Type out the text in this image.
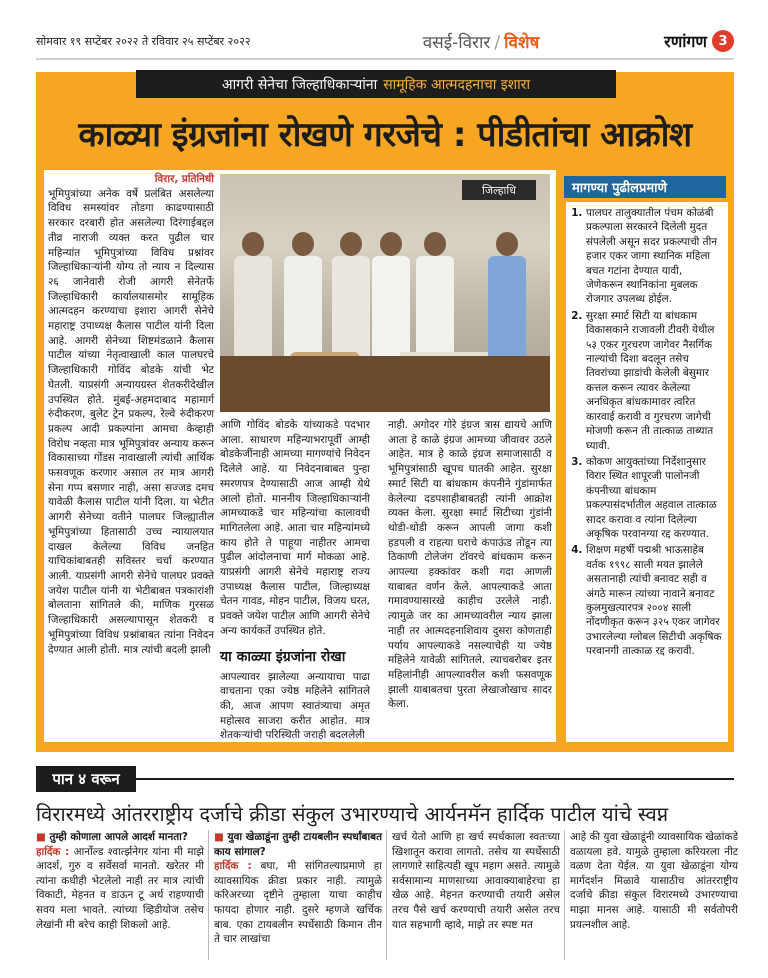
सोमवार १९ सप्टेंबर २०२२ ते रविवार २५ सप्टेंबर २०२२	वसई-विरार / विशेष	रणांगण 3
आगरी सेनेचा जिल्हाधिकाऱ्यांना सामूहिक आत्मदहनाचा इशारा
काळ्या इंग्रजांना रोखणे गरजेचे : पीडीतांचा आक्रोश
विरार, प्रतिनिधी
भूमिपुत्रांच्या अनेक वर्षे प्रलंबित असलेल्या विविध समस्यांवर तोडगा काढण्यासाठी सरकार दरबारी होत असलेल्या दिरंगाईबद्दल तीव्र नाराजी व्यक्त करत पुढील चार महिन्यांत भूमिपुत्रांच्या विविध प्रश्नांवर जिल्हाधिकाऱ्यांनी योग्य तो न्याय न दिल्यास २६ जानेवारी रोजी आगरी सेनेतर्फे जिल्हाधिकारी कार्यालयासमोर सामूहिक आत्मदहन करण्याचा इशारा आगरी सेनेचे महाराष्ट्र उपाध्यक्ष कैलास पाटील यांनी दिला आहे. आगरी सेनेच्या शिष्टमंडळाने कैलास पाटील यांच्या नेतृत्वाखाली काल पालघरचे जिल्हाधिकारी गोविंद बोडके यांची भेट घेतली. याप्रसंगी अन्यायग्रस्त शेतकरीदेखील उपस्थित होते. मुंबई-अहमदाबाद महामार्ग रुंदीकरण, बुलेट ट्रेन प्रकल्प, रेल्वे रुंदीकरण प्रकल्प आदी प्रकल्पांना आमचा केव्हाही विरोध नव्हता मात्र भूमिपुत्रांवर अन्याय करून विकासाच्या गोंडस नावाखाली त्यांची आर्थिक फसवणूक करणार असाल तर मात्र आगरी सेना गप्प बसणार नाही, असा सज्जड दमच यावेळी कैलास पाटील यांनी दिला. या भेटीत आगरी सेनेच्या वतीने पालघर जिल्ह्यातील भूमिपुत्रांच्या हितासाठी उच्च न्यायालयात दाखल केलेल्या विविध जनहित याचिकांबाबतही सविस्तर चर्चा करण्यात आली. याप्रसंगी आगरी सेनेचे पालघर प्रवक्ते जयेश पाटील यांनी या भेटीबाबत पत्रकारांशी बोलताना सांगितले की, माणिक गुरसळ जिल्हाधिकारी असल्यापासून शेतकरी व भूमिपुत्रांच्या विविध प्रश्नांबाबत त्यांना निवेदन देण्यात आली होती. मात्र त्यांची बदली झाली
जिल्हाधि
आणि गोविंद बोडके यांच्याकडे पदभार आला. साधारण महिन्याभरापूर्वी आम्ही बोडकेजींनाही आमच्या मागण्यांचे निवेदन दिलेले आहे. या निवेदनाबाबत पुन्हा स्मरणपत्र देण्यासाठी आज आम्ही येथे आलो होतो. माननीय जिल्हाधिकाऱ्यांनी आमच्याकडे चार महिन्यांचा कालावधी मागितलेला आहे. आता चार महिन्यांमध्ये काय होते ते पाहूया नाहीतर आमचा पुढील आंदोलनाचा मार्ग मोकळा आहे. याप्रसंगी आगरी सेनेचे महाराष्ट्र राज्य उपाध्यक्ष कैलास पाटील, जिल्हाध्यक्ष चेतन गावड, मोहन पाटील, विजय घरत, प्रवक्ते जयेश पाटील आणि आगरी सेनेचे अन्य कार्यकर्ते उपस्थित होते.
या काळ्या इंग्रजांना रोखा
आपल्यावर झालेल्या अन्यायाचा पाढा वाचताना एका ज्येष्ठ महिलेने सांगितले की, आज आपण स्वातंत्र्याचा अमृत महोत्सव साजरा करीत आहोत. मात्र शेतकऱ्यांची परिस्थिती जराही बदललेली
नाही. अगोदर गोरे इंग्रज त्रास द्यायचे आणि आता हे काळे इंग्रज आमच्या जीवावर उठले आहेत. मात्र हे काळे इंग्रज समाजासाठी व भूमिपुत्रांसाठी खूपच घातकी आहेत. सुरक्षा स्मार्ट सिटी या बांधकाम कंपनीने गुंडांमार्फत केलेल्या दडपशाहीबाबतही त्यांनी आक्रोश व्यक्त केला. सुरक्षा स्मार्ट सिटीच्या गुंडांनी थोडी-थोडी करून आपली जागा कशी हडपली व राहत्या घराचे कंपाऊंड तोडून त्या ठिकाणी टोलेजंग टॉवरचे बांधकाम करून आपल्या हक्कांवर कशी गदा आणली याबाबत वर्णन केले. आपल्याकडे आता गमावण्यासारखे काहीच उरलेले नाही. त्यामुळे जर का आमच्यावरील न्याय झाला नाही तर आत्मदहनाशिवाय दुसरा कोणताही पर्याय आपल्याकडे नसल्याचेही या ज्येष्ठ महिलेने यावेळी सांगितले. त्याचबरोबर इतर महिलांनीही आपल्यावरील कशी फसवणूक झाली याबाबतचा पुरता लेखाजोखाच सादर केला.
मागण्या पुढीलप्रमाणे
1. पालघर तालुक्यातील पंचम कोळंबी प्रकल्पाला सरकारने दिलेली मुदत संपलेली असून सदर प्रकल्पाची तीन हजार एकर जागा स्थानिक महिला बचत गटांना देण्यात यावी, जेणेकरून स्थानिकांना मुबलक रोजगार उपलब्ध होईल.
2. सुरक्षा स्मार्ट सिटी या बांधकाम विकासकाने राजावली टीवरी येथील ५३ एकर गुरचरण जागेवर नैसर्गिक नाल्यांची दिशा बदलून तसेच तिवरांच्या झाडांची केलेली बेसुमार कत्तल करून त्यावर केलेल्या अनधिकृत बांधकामावर त्वरित कारवाई करावी व गुरचरण जागेची मोजणी करून ती तात्काळ ताब्यात घ्यावी.
3. कोकण आयुक्तांच्या निर्देशानुसार विरार स्थित शापूरजी पालोनजी कंपनीच्या बांधकाम प्रकल्पासंदर्भातील अहवाल तात्काळ सादर करावा व त्यांना दिलेल्या अकृषिक परवानग्या रद्द करण्यात.
4. शिक्षण महर्षी पद्मश्री भाऊसाहेब वर्तक १९९८ साली मयत झालेले असतानाही त्यांची बनावट सही व अंगठे मारून त्यांच्या नावाने बनावट कुलमुखत्यारपत्र २००४ साली नोंदणीकृत करून ३२५ एकर जागेवर उभारलेल्या ग्लोबल सिटीची अकृषिक परवानगी तात्काळ रद्द करावी.
पान ४ वरून
विरारमध्ये आंतरराष्ट्रीय दर्जाचे क्रीडा संकुल उभारण्याचे आर्यनमॅन हार्दिक पाटील यांचे स्वप्न
■ तुम्ही कोणाला आपले आदर्श मानता?
हार्दिक : आर्नोल्ड श्वार्त्झनेगर यांना मी माझे आदर्श, गुरु व सर्वेसर्वा मानतो. खरेतर मी त्यांना कधीही भेटलेलो नाही तर मात्र त्यांची विकाटी, मेहनत व डाऊन टू अर्थ राहण्याची सवय मला भावते. त्यांच्या व्हिडीयोज तसेच लेखांनी मी बरेच काही शिकलो आहे.
■ युवा खेळाडूंना तुम्ही टायबलीन स्पर्धांबाबत काय सांगाल?
हार्दिक : बघा, मी सांगितल्याप्रमाणे हा व्यावसायिक क्रीडा प्रकार नाही. त्यामुळे करिअरच्या दृष्टीने तुम्हाला याचा काहीच फायदा होणार नाही. दुसरे म्हणजे खर्चिक बाब. एका टायबलीन स्पर्धेसाठी किमान तीन ते चार लाखांचा
खर्च येतो आणि हा खर्च स्पर्धकाला स्वतःच्या खिशातून करावा लागतो. तसेच या स्पर्धेसाठी लागणारे साहित्यही खूप महाग असते. त्यामुळे सर्वसामान्य माणसाच्या आवाक्याबाहेरचा हा खेळ आहे. मेहनत करण्याची तयारी असेल तरच पैसे खर्च करण्याची तयारी असेल तरच यात सहभागी व्हावे, माझे तर स्पष्ट मत
आहे की युवा खेळाडूंनी व्यावसायिक खेळांकडे वळायला हवे. यामुळे तुम्हाला करियरला नीट वळण देता येईल. या युवा खेळाडूंना योग्य मार्गदर्शन मिळावे यासाठीच आंतरराष्ट्रीय दर्जाचे क्रीडा संकुल विरारमध्ये उभारण्याचा माझा मानस आहे. यासाठी मी सर्वतोपरी प्रयत्नशील आहे.
